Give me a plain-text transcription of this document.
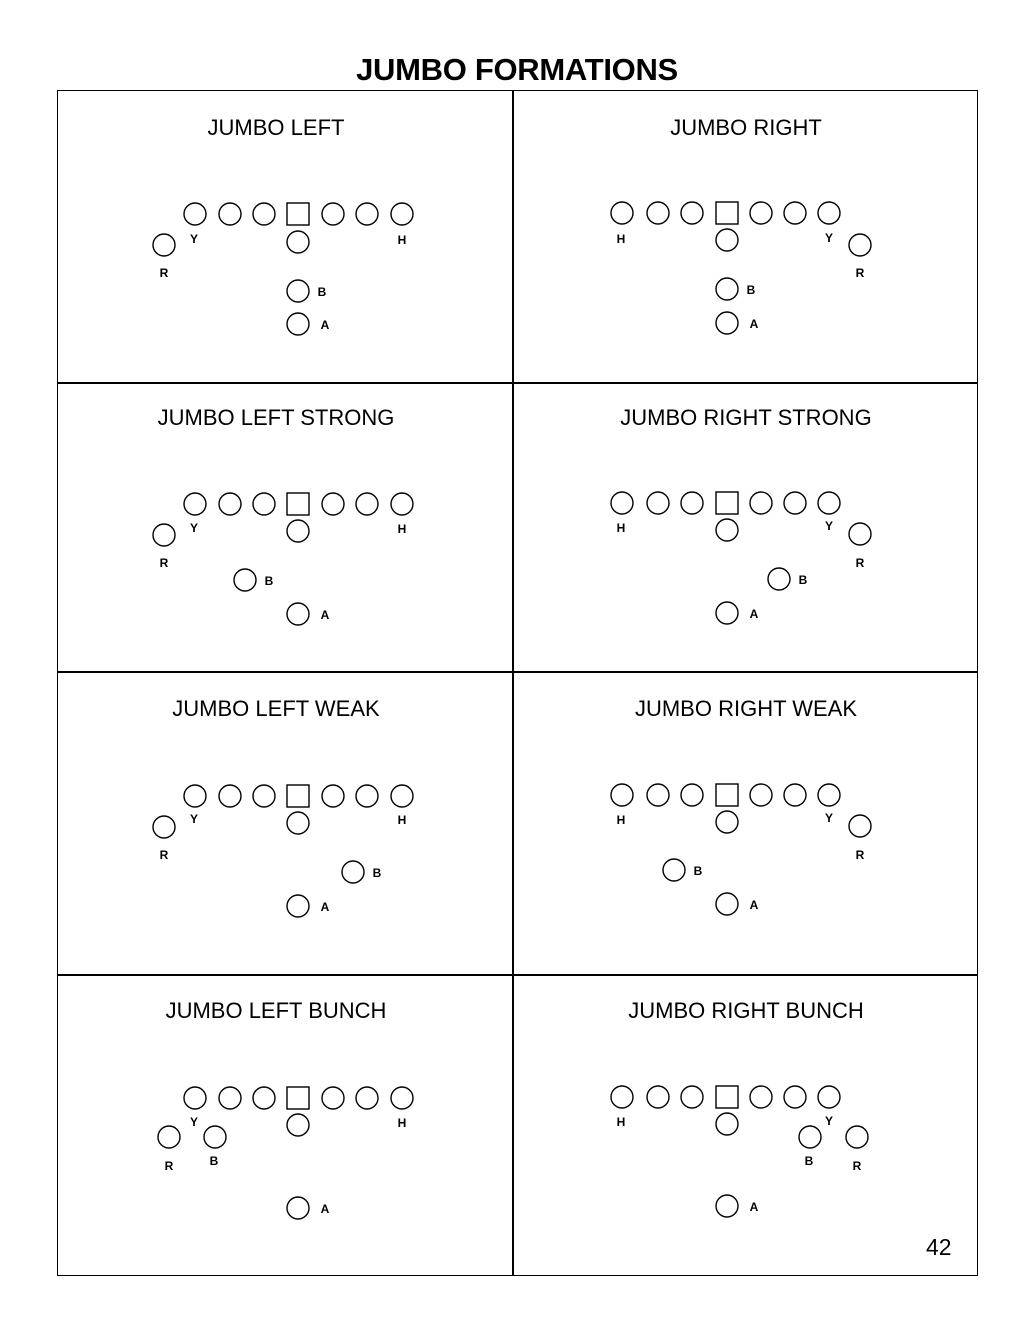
JUMBO FORMATIONS
JUMBO LEFT	JUMBO RIGHT
JUMBO LEFT STRONG	JUMBO RIGHT STRONG
JUMBO LEFT WEAK	JUMBO RIGHT WEAK
JUMBO LEFT BUNCH	JUMBO RIGHT BUNCH
42
R
Y	H
B
A
R
Y
H
B
A
R
Y	H
B
A
R
Y
H
B
A
R
Y	H
B
A
R
Y
H
B
A
R
Y	H
B
A
R
Y
H
B
A
